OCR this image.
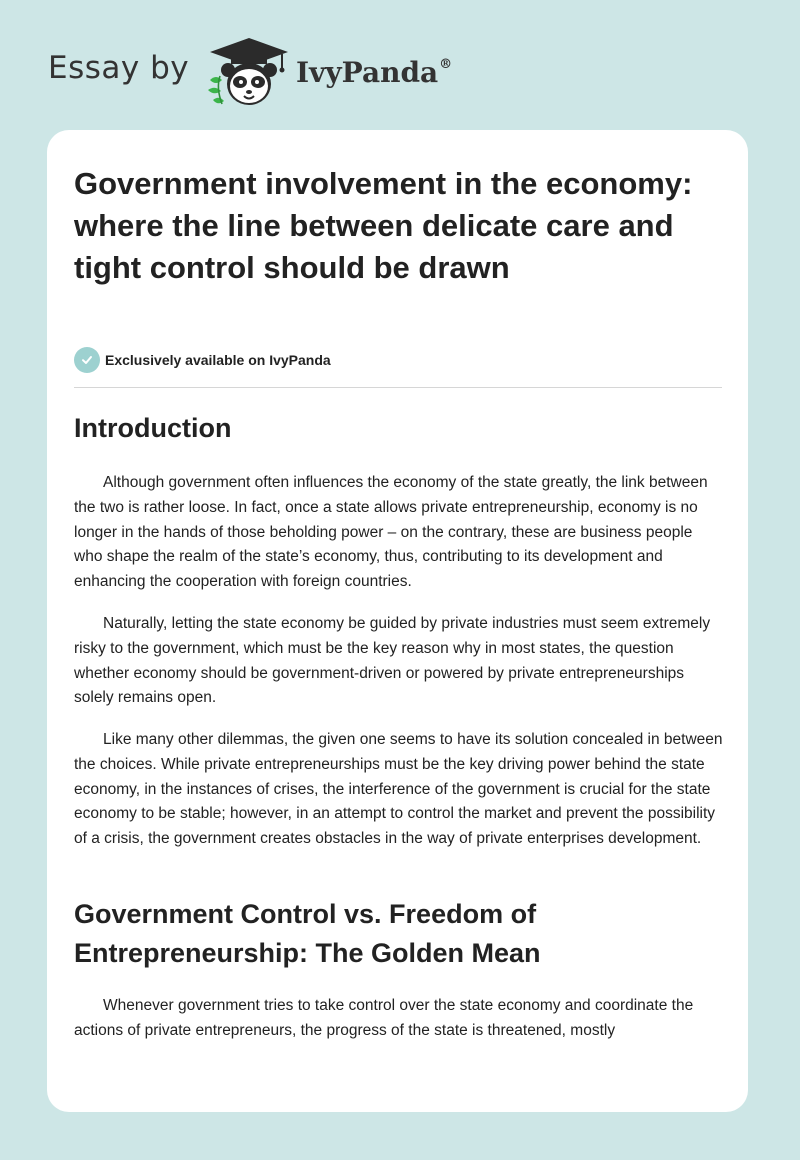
Essay by	IvyPanda®
Government involvement in the economy: where the line between delicate care and tight control should be drawn
Exclusively available on IvyPanda
Introduction

Although government often influences the economy of the state greatly, the link between the two is rather loose. In fact, once a state allows private entrepreneurship, economy is no longer in the hands of those beholding power – on the contrary, these are business people who shape the realm of the state’s economy, thus, contributing to its development and enhancing the cooperation with foreign countries.

Naturally, letting the state economy be guided by private industries must seem extremely risky to the government, which must be the key reason why in most states, the question whether economy should be government-driven or powered by private entrepreneurships solely remains open.

Like many other dilemmas, the given one seems to have its solution concealed in between the choices. While private entrepreneurships must be the key driving power behind the state economy, in the instances of crises, the interference of the government is crucial for the state economy to be stable; however, in an attempt to control the market and prevent the possibility of a crisis, the government creates obstacles in the way of private enterprises development.

Government Control vs. Freedom of Entrepreneurship: The Golden Mean

Whenever government tries to take control over the state economy and coordinate the actions of private entrepreneurs, the progress of the state is threatened, mostly
